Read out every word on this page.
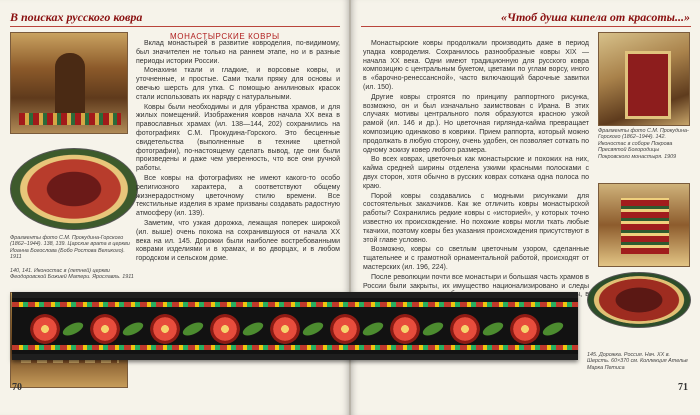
В поисках русского ковра
МОНАСТЫРСКИЕ КОВРЫ

Вклад монастырей в развитие ковроделия, по-видимому, был значителен не только на раннем этапе, но и в разные периоды истории России.

Монахини ткали и гладкие, и ворсовые ковры, и уточненные, и простые. Сами ткали пряжу для основы и овечью шерсть для утка. С помощью анилиновых красок стали использовать их наряду с натуральными.

Ковры были необходимы и для убранства храмов, и для жилых помещений. Изображения ковров начала XX века в православных храмах (ил. 138—144, 202) сохранились на фотографиях С.М. Прокудина-Горского. Это бесценные свидетельства (выполненные в технике цветной фотографии), по-настоящему сделать вывод, где они были произведены и даже чем уверенность, что все они ручной работы.

Все ковры на фотографиях не имеют какого-то особо религиозного характера, а соответствуют общему жизнерадостному цветочному стилю времени. Все текстильные изделия в храме призваны создавать радостную атмосферу (ил. 139).

Заметим, что узкая дорожка, лежащая поперек широкой (ил. выше) очень похожа на сохранившуюся от начала XX века на ил. 145. Дорожки были наиболее востребованными коврами изделиями и в храмах, и во дворцах, и в любом городском и сельском доме.

Фрагменты фото С.М. Прокудина-Горского (1862–1944). 138, 139. Царские врата в церкви Иоанна Богослова (Бобо Ростова Великого). 1911
140, 141. Иконостас в (летней) церкви Феодоровской Божией Матери. Ярославль. 1911
70
«Чтоб душа кипела от красоты...»

Монастырские ковры продолжали производить даже в период упадка ковроделия. Сохранилось разнообразные ковры XIX — начала XX века. Одни имеют традиционную для русского ковра композицию с центральным букетом, цветами по углам ворсу, иного в «барочно-ренессансной», часто включающий барочные завитки (ил. 150).

Другие ковры строятся по принципу раппортного рисунка, возможно, он и был изначально заимствован с Ирана. В этих случаях мотивы центрального поля образуются красною узкой рамой (ил. 146 и др.). Но цветочная гирлянда-кайма превращает композицию одинаково в коврики. Прием раппорта, который можно продолжать в любую сторону, очень удобен, он позволяет соткать по одному эскизу ковер любого размера.

Во всех коврах, цветочных как монастырские и похожих на них, кайма средней ширины отделена узкими красными полосками с двух сторон, хотя обычно в русских коврах соткана одна полоса по краю.

Порой ковры создавались с модными рисунками для состоятельных заказчиков. Как же отличить ковры монастырской работы? Сохранились редкие ковры с «историей», у которых точно известно их происхождение. Но похожие ковры могли ткать любые ткачихи, поэтому ковры без указания происхождения присутствуют в этой главе условно.

Возможно, ковры со светлым цветочным узором, сделанные тщательнее и с грамотной орнаментальной работой, происходят от мастерских (ил. 196, 224).

После революции почти все монастыри и большая часть храмов в России были закрыты, их имущество национализировано и следы

Фрагменты фото С.М. Прокудина-Горского (1862–1944). 142. Иконостас в соборе Покрова Пресвятой Богородицы Покровского монастыря. 1909
145. Дорожка. Россия. Нач. XX в. Шерсть. 60×370 см. Коллекция Ателье Марка Петиса
71
